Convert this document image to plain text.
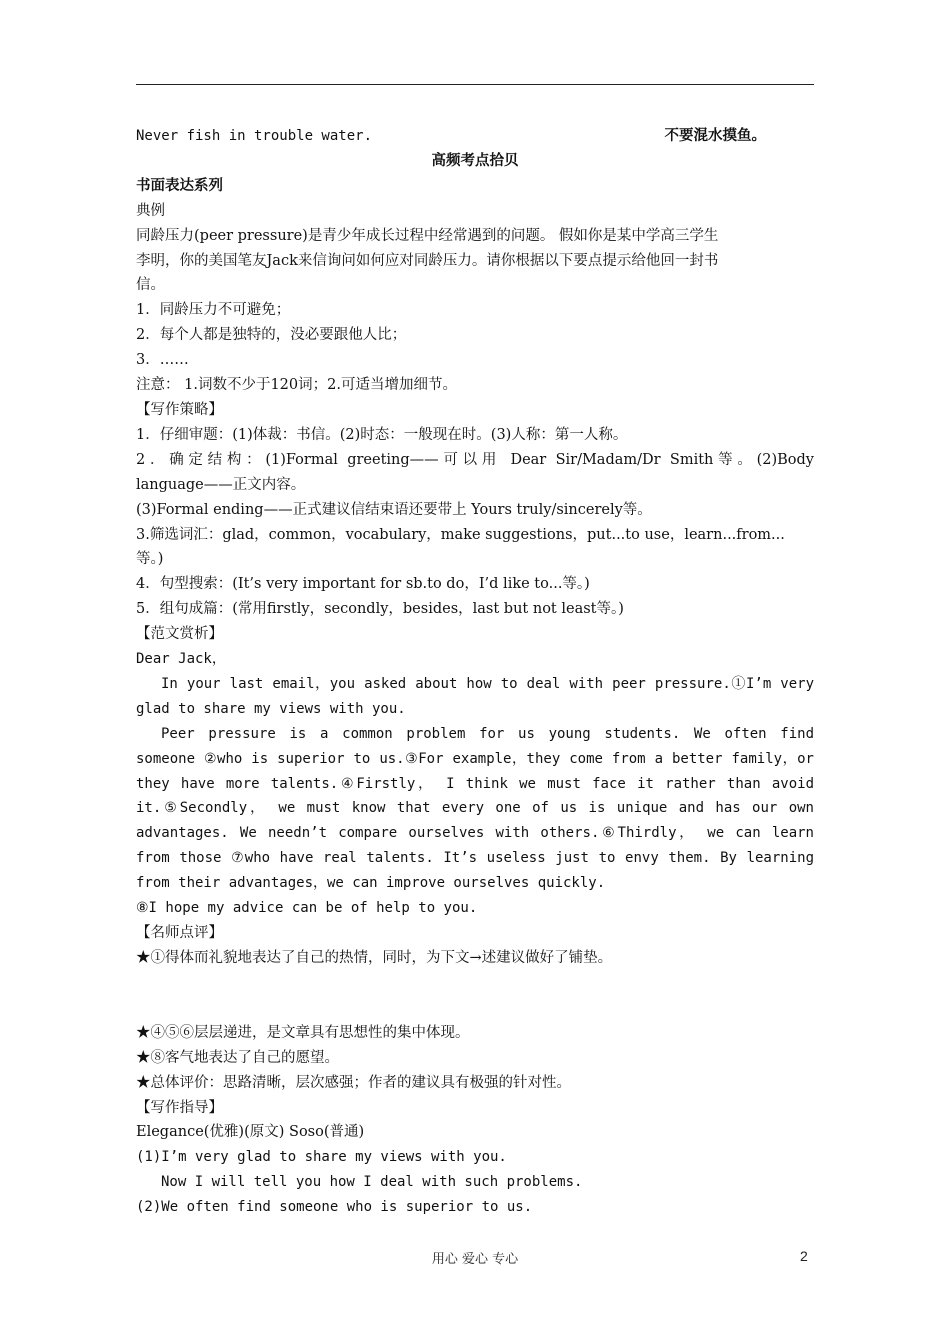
Never fish in trouble water.	不要混水摸鱼。
高频考点拾贝
书面表达系列
典例
同龄压力(peer pressure)是青少年成长过程中经常遇到的问题。 假如你是某中学高三学生
李明，你的美国笔友Jack来信询问如何应对同龄压力。请你根据以下要点提示给他回一封书
信。
1．同龄压力不可避免；
2．每个人都是独特的，没必要跟他人比；
3．……
注意： 1.词数不少于120词；2.可适当增加细节。
【写作策略】
1．仔细审题：(1)体裁：书信。(2)时态：一般现在时。(3)人称：第一人称。
2．确定结构：(1)Formal greeting——可以用 Dear Sir/Madam/Dr Smith等。(2)Body
language——正文内容。
(3)Formal ending——正式建议信结束语还要带上 Yours truly/sincerely等。
3.筛选词汇：glad，common，vocabulary，make suggestions，put...to use，learn...from...
等。)
4．句型搜索：(It’s very important for sb.to do，I’d like to...等。)
5．组句成篇：(常用firstly，secondly，besides，last but not least等。)
【范文赏析】
Dear Jack，
In your last email，you asked about how to deal with peer pressure.①I’m very
glad to share my views with you.
Peer pressure is a common problem for us young students. We often find
someone ②who is superior to us.③For example，they come from a better family，or
they have more talents.④Firstly， I think we must face it rather than avoid
it.⑤Secondly， we must know that every one of us is unique and has our own
advantages. We needn’t compare ourselves with others.⑥Thirdly， we can learn
from those ⑦who have real talents. It’s useless just to envy them. By learning
from their advantages，we can improve ourselves quickly.
⑧I hope my advice can be of help to you.
【名师点评】
★①得体而礼貌地表达了自己的热情，同时，为下文→述建议做好了铺垫。
★④⑤⑥层层递进，是文章具有思想性的集中体现。
★⑧客气地表达了自己的愿望。
★总体评价：思路清晰，层次感强；作者的建议具有极强的针对性。
【写作指导】
Elegance(优雅)(原文) Soso(普通)
(1)I’m very glad to share my views with you.
Now I will tell you how I deal with such problems.
(2)We often find someone who is superior to us.
用心 爱心 专心	2
